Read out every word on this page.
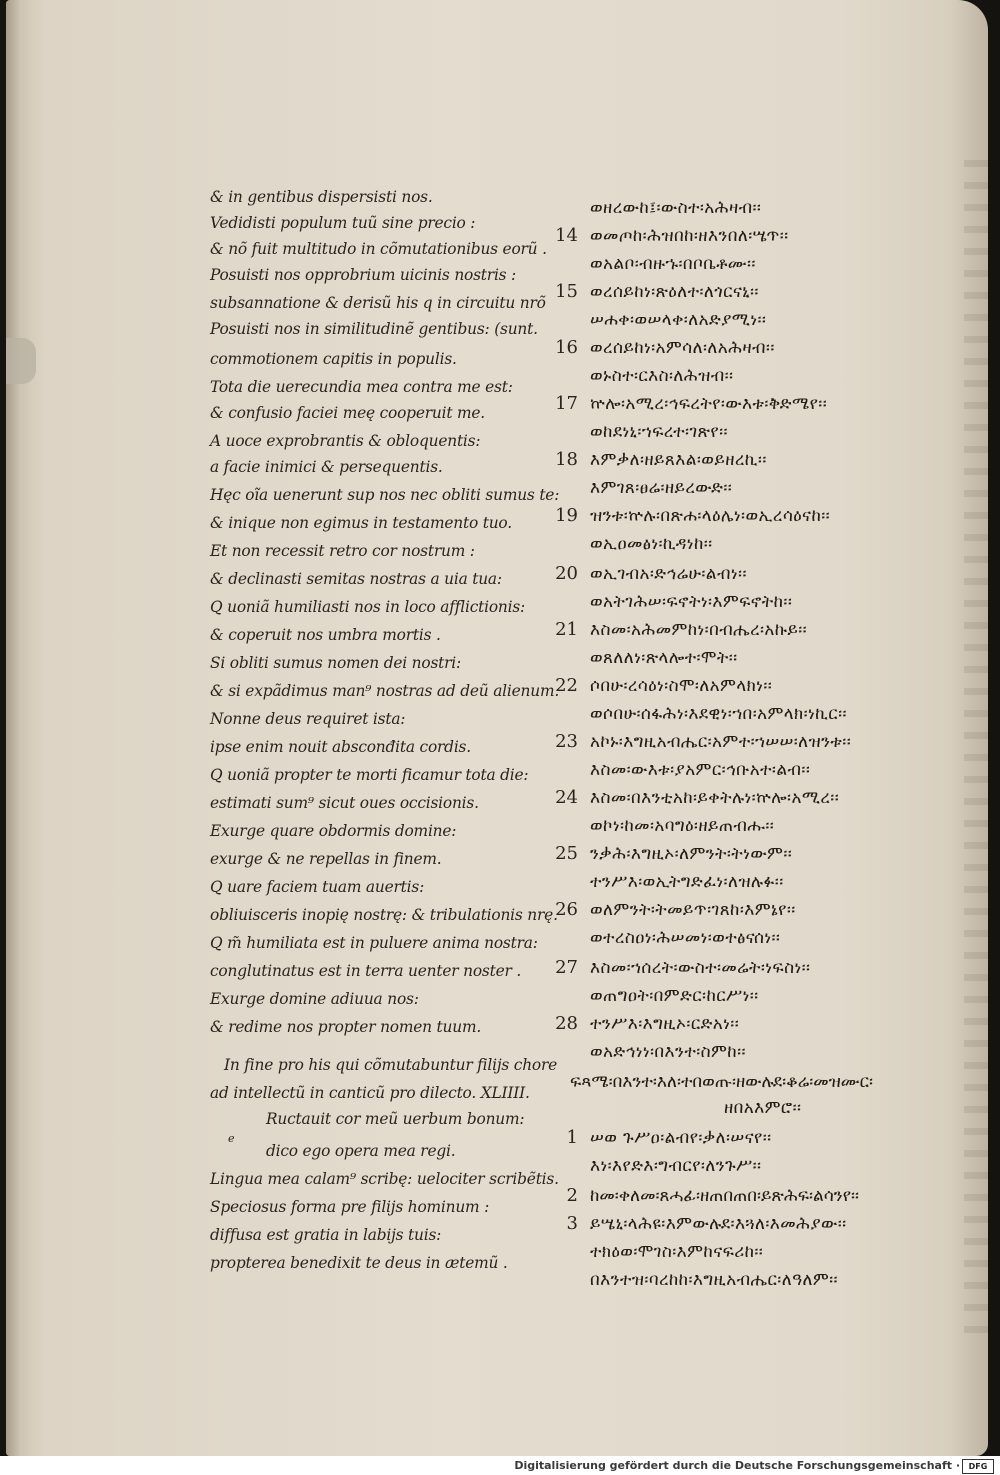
& in gentibus dispersisti nos.
Vedidisti populum tuũ sine precio :
& nõ fuit multitudo in cõmutationibus eorũ .
Posuisti nos opprobrium uicinis nostris :
subsannatione & derisũ his q in circuitu nrõ
Posuisti nos in similitudinẽ gentibus: (sunt.
commotionem capitis in populis.
Tota die uerecundia mea contra me est:
& confusio faciei meę cooperuit me.
A uoce exprobrantis & obloquentis:
a facie inimici & persequentis.
Hęc oĩa uenerunt sup nos nec obliti sumus te:
& inique non egimus in testamento tuo.
Et non recessit retro cor nostrum :
& declinasti semitas nostras a uia tua:
Q uoniã humiliasti nos in loco afflictionis:
& coperuit nos umbra mortis .
Si obliti sumus nomen dei nostri:
& si expãdimus man⁹ nostras ad deũ alienum.
Nonne deus requiret ista:
ipse enim nouit absconđita cordis.
Q uoniã propter te morti ficamur tota die:
estimati sum⁹ sicut oues occisionis.
Exurge quare obdormis domine:
exurge & ne repellas in finem.
Q uare faciem tuam auertis:
obliuisceris inopię nostrę: & tribulationis nrę.
Q m̃ humiliata est in puluere anima nostra:
conglutinatus est in terra uenter noster .
Exurge domine adiuua nos:
& redime nos propter nomen tuum.
In fine pro his qui cõmutabuntur filijs chore
ad intellectũ in canticũ pro dilecto. XLIIII.
Ructauit cor meũ uerbum bonum:
e
dico ego opera mea regi.
Lingua mea calam⁹ scribę: uelociter scribẽtis.
Speciosus forma pre filijs hominum :
diffusa est gratia in labijs tuis:
propterea benedixit te deus in ætemũ .
ወዘረውከ፤፡ውስተ፡አሕዛብ፡፡
14 ወመጦከ፡ሕዝበከ፡ዘእንበለ፡ሤጥ፡፡
ወአልቦ፡ብዙኁ፡በቦቤቶሙ፡፡
15 ወረሰይከነ፡ጽዕለተ፡ለጎርናኒ፡፡
ሠሐቀ፡ወሠላቀ፡ለአድያሚነ፡፡
16 ወረሰይከነ፡አምሳለ፡ለአሕዛብ፡፡
ወኑስተ፡ርእስ፡ለሕዝብ፡፡
17 ኵሎ፡አሚረ፡ኅፍረትየ፡ውእቱ፡ቅድሜየ፡፡
ወከደነኒ፡ኀፍረተ፡ገጽየ፡፡
18 እምቃለ፡ዘይጸእል፡ወይዘረኪ፡፡
እምገጸ፡ፀሬ፡ዘይረውድ፡፡
19 ዝንቱ፡ኵሉ፡በጽሐ፡ላዕሌነ፡ወኢረሳዕናከ፡፡
ወኢዐመፅነ፡ኪዳነከ፡፡
20 ወኢገብአ፡ድኅሬሁ፡ልብነ፡፡
ወአትገሕሠ፡ፍኖትነ፡እምፍኖትከ፡፡
21 እስመ፡አሕመምከነ፡በብሔረ፡አኩይ፡፡
ወጸለለነ፡ጽላሎተ፡ሞት፡፡
22 ሶበሁ፡ረሳዕነ፡ስሞ፡ለአምላክነ፡፡
ወሶበሁ፡ሰፋሕነ፡እደዊነ፡ኀበ፡አምላክ፡ነኪር፡፡
23 አኮኑ፡እግዚአብሔር፡አምተ፡ኀሠሠ፡ለዝንቱ፡፡
እስመ፡ውእቱ፡ያአምር፡ኅቡአተ፡ልብ፡፡
24 እስመ፡በእንቲአከ፡ይቀትሉነ፡ኵሎ፡አሚረ፡፡
ወኮነ፡ከመ፡አባግዕ፡ዘይጠብሑ፡፡
25 ንቃሕ፡እግዚኦ፡ለምንት፡ትነውም፡፡
ተንሥእ፡ወኢትግድፈነ፡ለዝሉፉ፡፡
26 ወለምንት፡ትመይጥ፡ገጸከ፡እምኔየ፡፡
ወተረስዐነ፡ሕሠመነ፡ወተፅናሰነ፡፡
27 እስመ፡ኀሰረት፡ውስተ፡መሬት፡ነፍስነ፡፡
ወጠግዐት፡በምድር፡ከርሥነ፡፡
28 ተንሥእ፡እግዚኦ፡ርድአነ፡፡
ወአድኅነነ፡በእንተ፡ስምከ፡፡
ፍጻሜ፡በእንተ፡እለ፡ተበወጡ፡ዘውሉደ፡ቆሬ፡መዝሙር፡
ዘበአእምሮ፡፡
1 ሠወ ጉሥዐ፡ልብየ፡ቃለ፡ሠናየ፡፡
እነ፡እየድእ፡ግብርየ፡ለንጉሥ፡፡
2 ከመ፡ቀለመ፡ጸሓፊ፡ዘጠበጠበ፡ይጽሕፍ፡ልሳንየ፡፡
3 ይሤኒ፡ላሕዩ፡እምውሉደ፡እጓለ፡እመሕያው፡፡
ተክዕወ፡ሞገስ፡እምከናፍሪከ፡፡
በእንተዝ፡ባረከከ፡እግዚአብሔር፡ለዓለም፡፡
Digitalisierung gefördert durch die Deutsche Forschungsgemeinschaft ·	DFG
